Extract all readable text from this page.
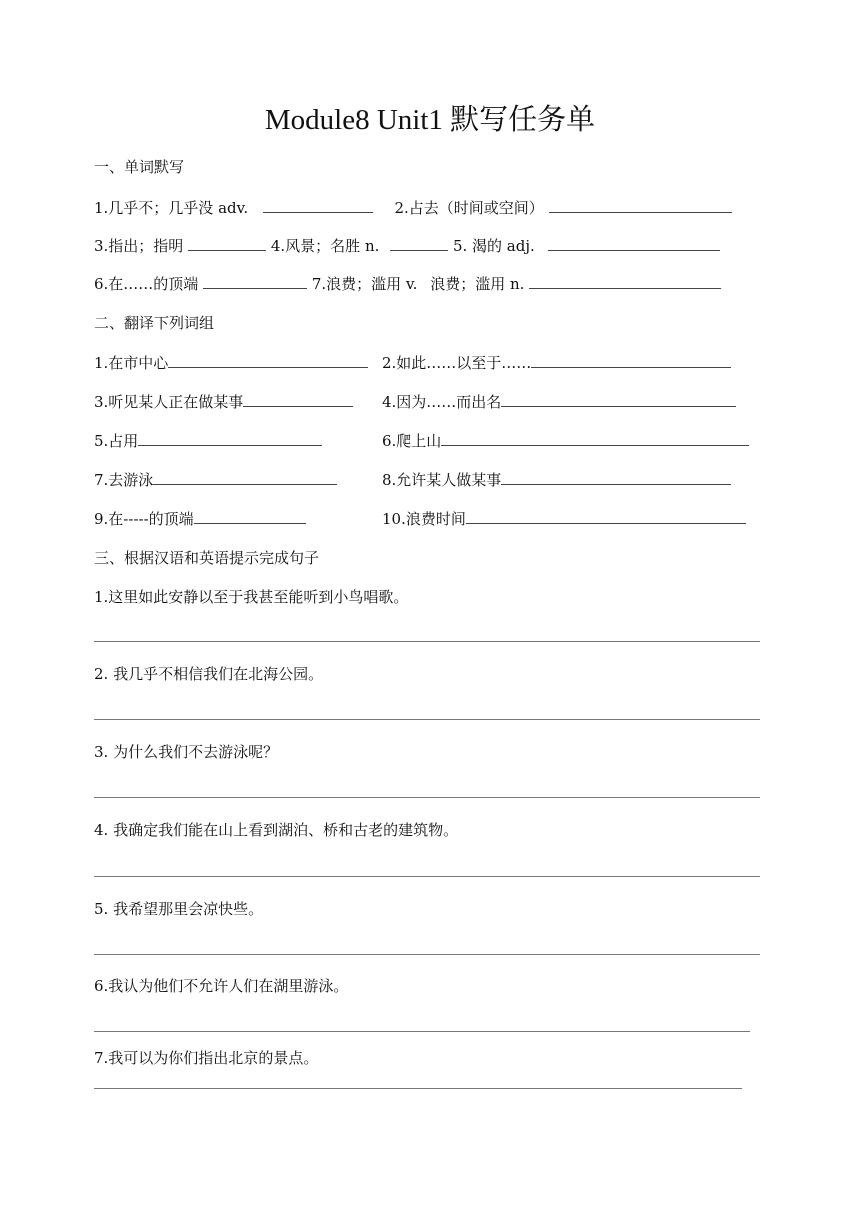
Module8 Unit1 默写任务单
一、单词默写
1.几乎不；几乎没 adv.	2.占去（时间或空间）
3.指出；指明	4.风景；名胜 n.	5. 渴的 adj.
6.在……的顶端	7.浪费；滥用 v. 浪费；滥用 n.
二、翻译下列词组
1.在市中心	2.如此……以至于……
3.听见某人正在做某事	4.因为……而出名
5.占用	6.爬上山
7.去游泳	8.允许某人做某事
9.在-----的顶端	10.浪费时间
三、根据汉语和英语提示完成句子
1.这里如此安静以至于我甚至能听到小鸟唱歌。
2. 我几乎不相信我们在北海公园。
3. 为什么我们不去游泳呢？
4. 我确定我们能在山上看到湖泊、桥和古老的建筑物。
5. 我希望那里会凉快些。
6.我认为他们不允许人们在湖里游泳。
7.我可以为你们指出北京的景点。
